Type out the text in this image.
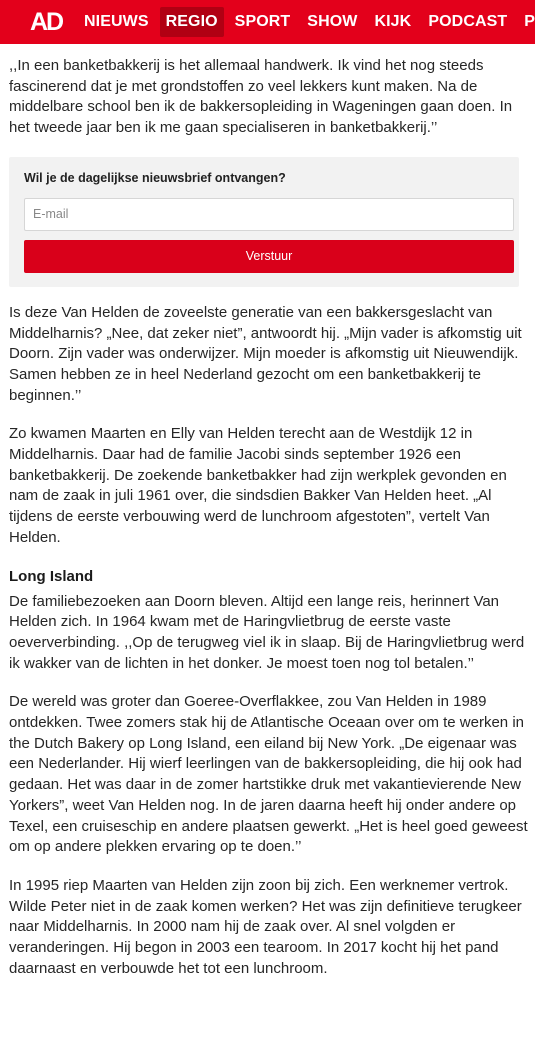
AD	NIEUWS	REGIO	SPORT	SHOW	KIJK	PODCAST	PU

,,In een banketbakkerij is het allemaal handwerk. Ik vind het nog steeds fascinerend dat je met grondstoffen zo veel lekkers kunt maken. Na de middelbare school ben ik de bakkersopleiding in Wageningen gaan doen. In het tweede jaar ben ik me gaan specialiseren in banketbakkerij.’’

Wil je de dagelijkse nieuwsbrief ontvangen?
E-mail
Verstuur

Is deze Van Helden de zoveelste generatie van een bakkersgeslacht van Middelharnis? „Nee, dat zeker niet”, antwoordt hij. „Mijn vader is afkomstig uit Doorn. Zijn vader was onderwijzer. Mijn moeder is afkomstig uit Nieuwendijk. Samen hebben ze in heel Nederland gezocht om een banketbakkerij te beginnen.’’

Zo kwamen Maarten en Elly van Helden terecht aan de Westdijk 12 in Middelharnis. Daar had de familie Jacobi sinds september 1926 een banketbakkerij. De zoekende banketbakker had zijn werkplek gevonden en nam de zaak in juli 1961 over, die sindsdien Bakker Van Helden heet. „Al tijdens de eerste verbouwing werd de lunchroom afgestoten”, vertelt Van Helden.

Long Island

De familiebezoeken aan Doorn bleven. Altijd een lange reis, herinnert Van Helden zich. In 1964 kwam met de Haringvlietbrug de eerste vaste oeververbinding. ,,Op de terugweg viel ik in slaap. Bij de Haringvlietbrug werd ik wakker van de lichten in het donker. Je moest toen nog tol betalen.’’

De wereld was groter dan Goeree-Overflakkee, zou Van Helden in 1989 ontdekken. Twee zomers stak hij de Atlantische Oceaan over om te werken in the Dutch Bakery op Long Island, een eiland bij New York. „De eigenaar was een Nederlander. Hij wierf leerlingen van de bakkersopleiding, die hij ook had gedaan. Het was daar in de zomer hartstikke druk met vakantievierende New Yorkers”, weet Van Helden nog. In de jaren daarna heeft hij onder andere op Texel, een cruiseschip en andere plaatsen gewerkt. „Het is heel goed geweest om op andere plekken ervaring op te doen.’’

In 1995 riep Maarten van Helden zijn zoon bij zich. Een werknemer vertrok. Wilde Peter niet in de zaak komen werken? Het was zijn definitieve terugkeer naar Middelharnis. In 2000 nam hij de zaak over. Al snel volgden er veranderingen. Hij begon in 2003 een tearoom. In 2017 kocht hij het pand daarnaast en verbouwde het tot een lunchroom.
